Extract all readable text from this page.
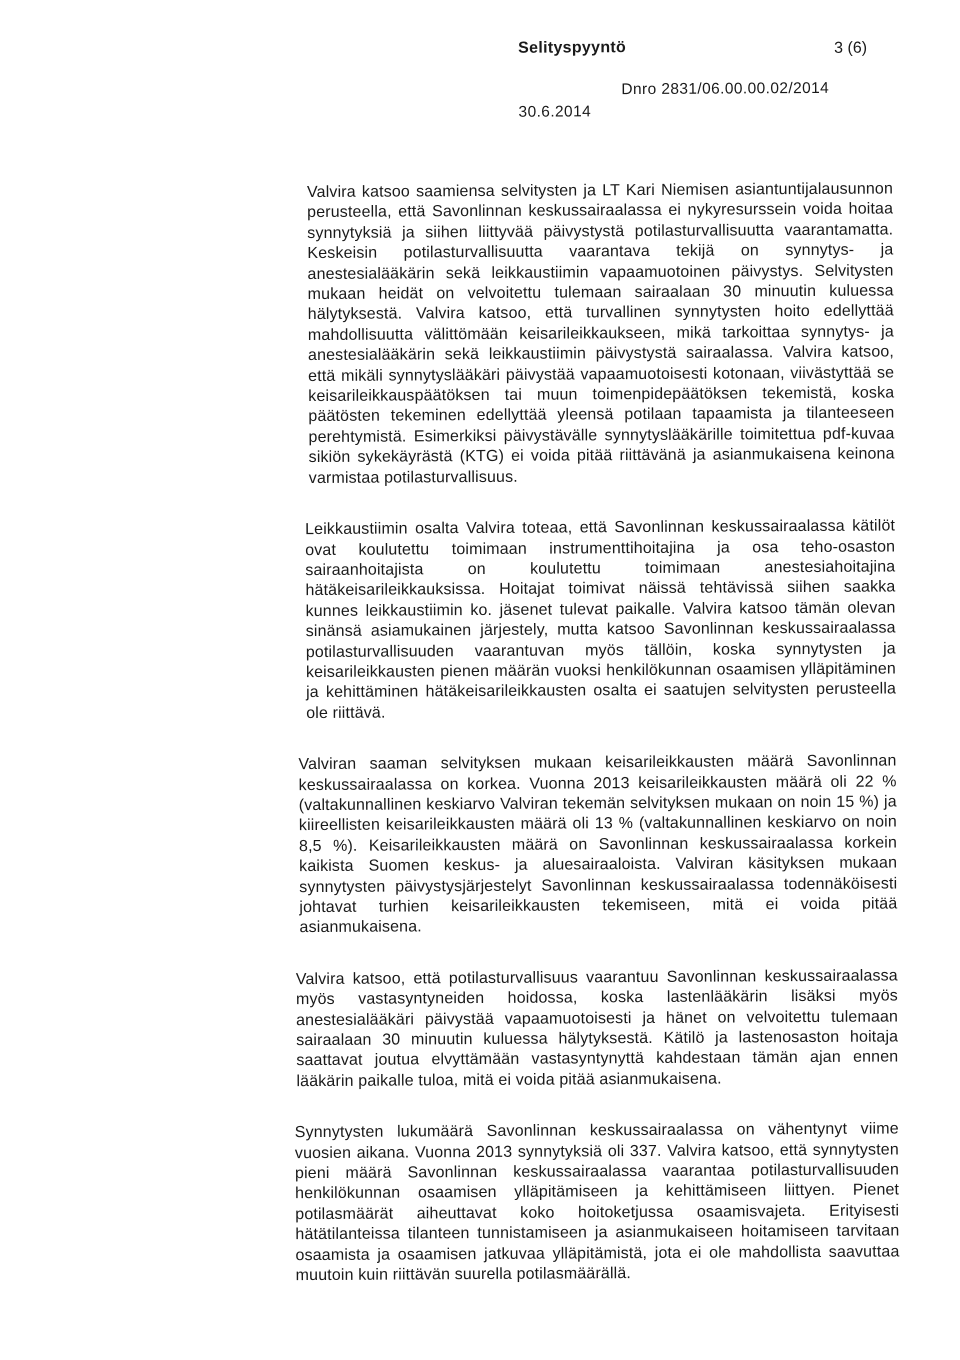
Selityspyyntö	3 (6)
Dnro 2831/06.00.00.02/2014
30.6.2014

Valvira katsoo saamiensa selvitysten ja LT Kari Niemisen asiantuntijalausunnon perusteella, että Savonlinnan keskussairaalassa ei nykyresurssein voida hoitaa synnytyksiä ja siihen liittyvää päivystystä potilasturvallisuutta vaarantamatta. Keskeisin potilasturvallisuutta vaarantava tekijä on synnytys- ja anestesialääkärin sekä leikkaustiimin vapaamuotoinen päivystys. Selvitysten mukaan heidät on velvoitettu tulemaan sairaalaan 30 minuutin kuluessa hälytyksestä. Valvira katsoo, että turvallinen synnytysten hoito edellyttää mahdollisuutta välittömään keisarileikkaukseen, mikä tarkoittaa synnytys- ja anestesialääkärin sekä leikkaustiimin päivystystä sairaalassa. Valvira katsoo, että mikäli synnytyslääkäri päivystää vapaamuotoisesti kotonaan, viivästyttää se keisarileikkauspäätöksen tai muun toimenpidepäätöksen tekemistä, koska päätösten tekeminen edellyttää yleensä potilaan tapaamista ja tilanteeseen perehtymistä. Esimerkiksi päivystävälle synnytyslääkärille toimitettua pdf-kuvaa sikiön sykekäyrästä (KTG) ei voida pitää riittävänä ja asianmukaisena keinona varmistaa potilasturvallisuus.

Leikkaustiimin osalta Valvira toteaa, että Savonlinnan keskussairaalassa kätilöt ovat koulutettu toimimaan instrumenttihoitajina ja osa teho-osaston sairaanhoitajista on koulutettu toimimaan anestesiahoitajina hätäkeisarileikkauksissa. Hoitajat toimivat näissä tehtävissä siihen saakka kunnes leikkaustiimin ko. jäsenet tulevat paikalle. Valvira katsoo tämän olevan sinänsä asiamukainen järjestely, mutta katsoo Savonlinnan keskussairaalassa potilasturvallisuuden vaarantuvan myös tällöin, koska synnytysten ja keisarileikkausten pienen määrän vuoksi henkilökunnan osaamisen ylläpitäminen ja kehittäminen hätäkeisarileikkausten osalta ei saatujen selvitysten perusteella ole riittävä.

Valviran saaman selvityksen mukaan keisarileikkausten määrä Savonlinnan keskussairaalassa on korkea. Vuonna 2013 keisarileikkausten määrä oli 22 % (valtakunnallinen keskiarvo Valviran tekemän selvityksen mukaan on noin 15 %) ja kiireellisten keisarileikkausten määrä oli 13 % (valtakunnallinen keskiarvo on noin 8,5 %). Keisarileikkausten määrä on Savonlinnan keskussairaalassa korkein kaikista Suomen keskus- ja aluesairaaloista. Valviran käsityksen mukaan synnytysten päivystysjärjestelyt Savonlinnan keskussairaalassa todennäköisesti johtavat turhien keisarileikkausten tekemiseen, mitä ei voida pitää asianmukaisena.

Valvira katsoo, että potilasturvallisuus vaarantuu Savonlinnan keskussairaalassa myös vastasyntyneiden hoidossa, koska lastenlääkärin lisäksi myös anestesialääkäri päivystää vapaamuotoisesti ja hänet on velvoitettu tulemaan sairaalaan 30 minuutin kuluessa hälytyksestä. Kätilö ja lastenosaston hoitaja saattavat joutua elvyttämään vastasyntynyttä kahdestaan tämän ajan ennen lääkärin paikalle tuloa, mitä ei voida pitää asianmukaisena.

Synnytysten lukumäärä Savonlinnan keskussairaalassa on vähentynyt viime vuosien aikana. Vuonna 2013 synnytyksiä oli 337. Valvira katsoo, että synnytysten pieni määrä Savonlinnan keskussairaalassa vaarantaa potilasturvallisuuden henkilökunnan osaamisen ylläpitämiseen ja kehittämiseen liittyen. Pienet potilasmäärät aiheuttavat koko hoitoketjussa osaamisvajeta. Erityisesti hätätilanteissa tilanteen tunnistamiseen ja asianmukaiseen hoitamiseen tarvitaan osaamista ja osaamisen jatkuvaa ylläpitämistä, jota ei ole mahdollista saavuttaa muutoin kuin riittävän suurella potilasmäärällä.
